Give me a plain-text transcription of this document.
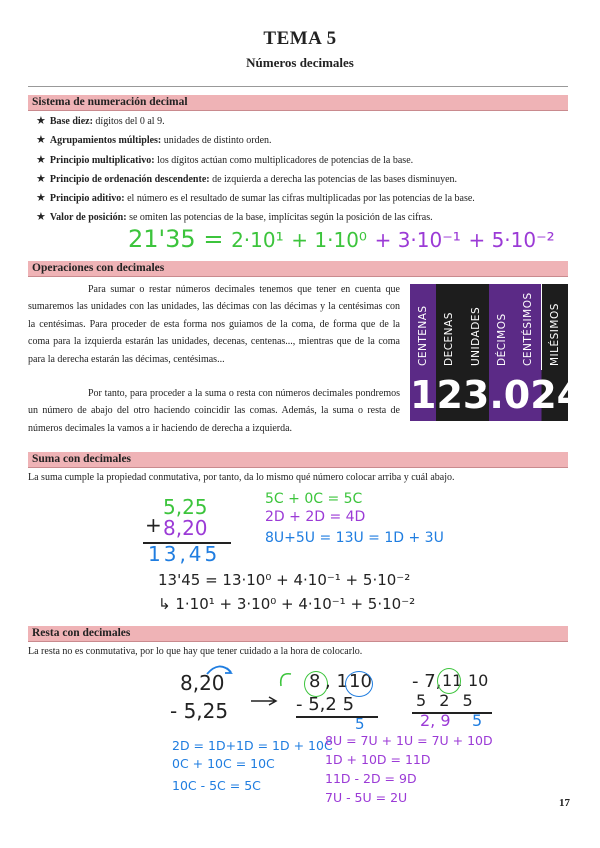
TEMA 5
Números decimales
Sistema de numeración decimal
★ Base diez: dígitos del 0 al 9.
★ Agrupamientos múltiples: unidades de distinto orden.
★ Principio multiplicativo: los dígitos actúan como multiplicadores de potencias de la base.
★ Principio de ordenación descendente: de izquierda a derecha las potencias de las bases disminuyen.
★ Principio aditivo: el número es el resultado de sumar las cifras multiplicadas por las potencias de la base.
★ Valor de posición: se omiten las potencias de la base, implícitas según la posición de las cifras.
21'35 = 2·10¹ + 1·10⁰ + 3·10⁻¹ + 5·10⁻²
Operaciones con decimales
Para sumar o restar números decimales tenemos que tener en cuenta que sumaremos las unidades con las unidades, las décimas con las décimas y la centésimas con la centésimas. Para proceder de esta forma nos guiamos de la coma, de forma que de la coma para la izquierda estarán las unidades, decenas, centenas..., mientras que de la coma para la derecha estarán las décimas, centésimas...
Por tanto, para proceder a la suma o resta con números decimales pondremos un número de abajo del otro haciendo coincidir las comas. Además, la suma o resta de números decimales la vamos a ir haciendo de derecha a izquierda.
CENTENAS DECENAS UNIDADES DÉCIMOS CENTÉSIMOS MILÉSIMOS
123.024
Suma con decimales
La suma cumple la propiedad conmutativa, por tanto, da lo mismo qué número colocar arriba y cuál abajo.
5,25
+ 8,20
13,45
5C + 0C = 5C
2D + 2D = 4D
8U+5U = 13U = 1D + 3U
13'45 = 13·10⁰ + 4·10⁻¹ + 5·10⁻²
↳ 1·10¹ + 3·10⁰ + 4·10⁻¹ + 5·10⁻²
Resta con decimales
La resta no es conmutativa, por lo que hay que tener cuidado a la hora de colocarlo.
8,20
- 5,25
8 , 1 10
- 5,2 5
5
- 7, 11 10
5 2 5
2, 9 5
2D = 1D+1D = 1D + 10C
0C + 10C = 10C
10C - 5C = 5C
8U = 7U + 1U = 7U + 10D
1D + 10D = 11D
11D - 2D = 9D
7U - 5U = 2U	17
